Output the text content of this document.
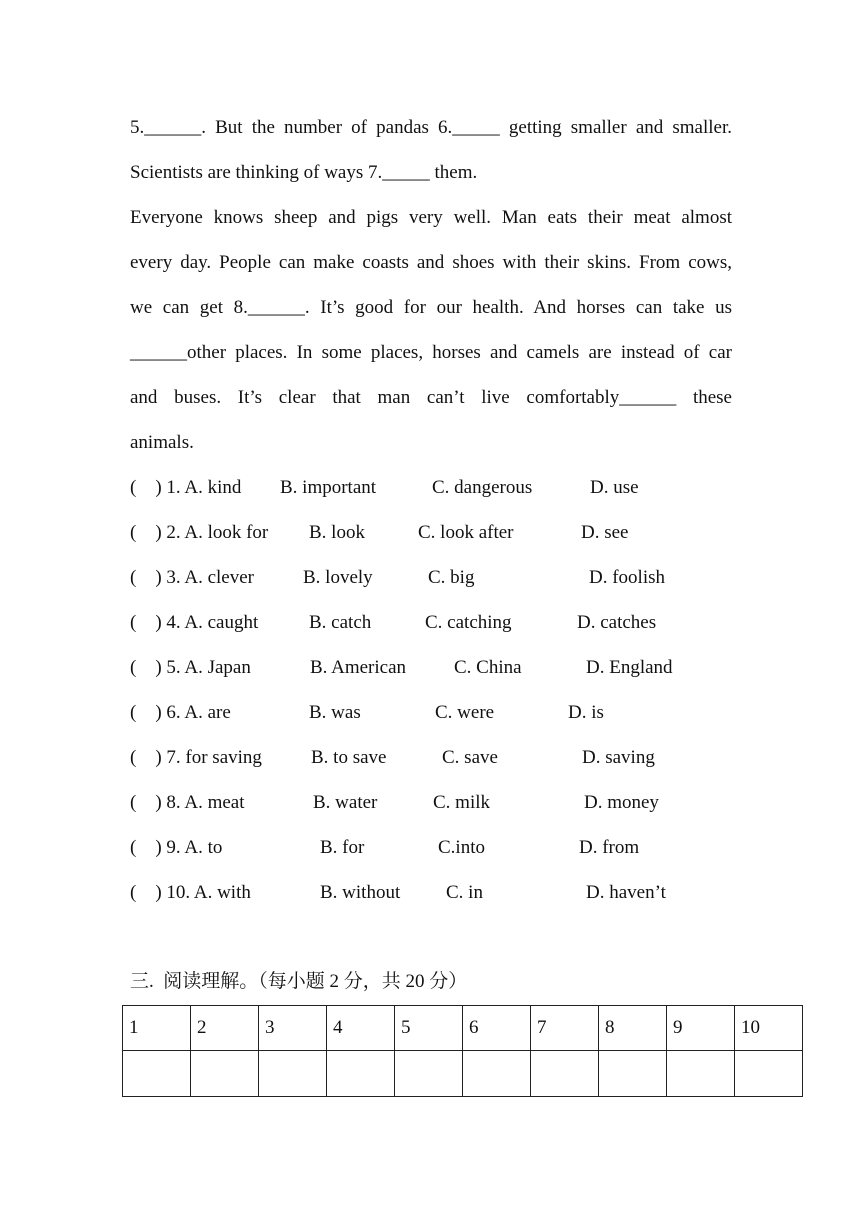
5.______. But the number of pandas 6._____ getting smaller and smaller.
Scientists are thinking of ways 7._____ them.
Everyone knows sheep and pigs very well. Man eats their meat almost
every day. People can make coasts and shoes with their skins. From cows,
we can get 8.______. It’s good for our health. And horses can take us
______other places. In some places, horses and camels are instead of car
and buses. It’s clear that man can’t live comfortably______ these
animals.
(    ) 1. A. kind B. important	C. dangerous	D. use
(    ) 2. A. look for B. look	C. look after	D. see
(    ) 3. A. clever	B. lovely	C. big	D. foolish
(    ) 4. A. caught	B. catch	C. catching	D. catches
(    ) 5. A. Japan	B. American	C. China	D. England
(    ) 6. A. are	B. was	C. were	D. is
(    ) 7. for saving	B. to save	C. save	D. saving
(    ) 8. A. meat	B. water	C. milk	D. money
(    ) 9. A. to	B. for	C.into	D. from
(    ) 10. A. with	B. without C. in	D. haven’t
三.  阅读理解。（每小题 2 分，共 20 分）
1	2	3	4	5	6	7	8	9	10
